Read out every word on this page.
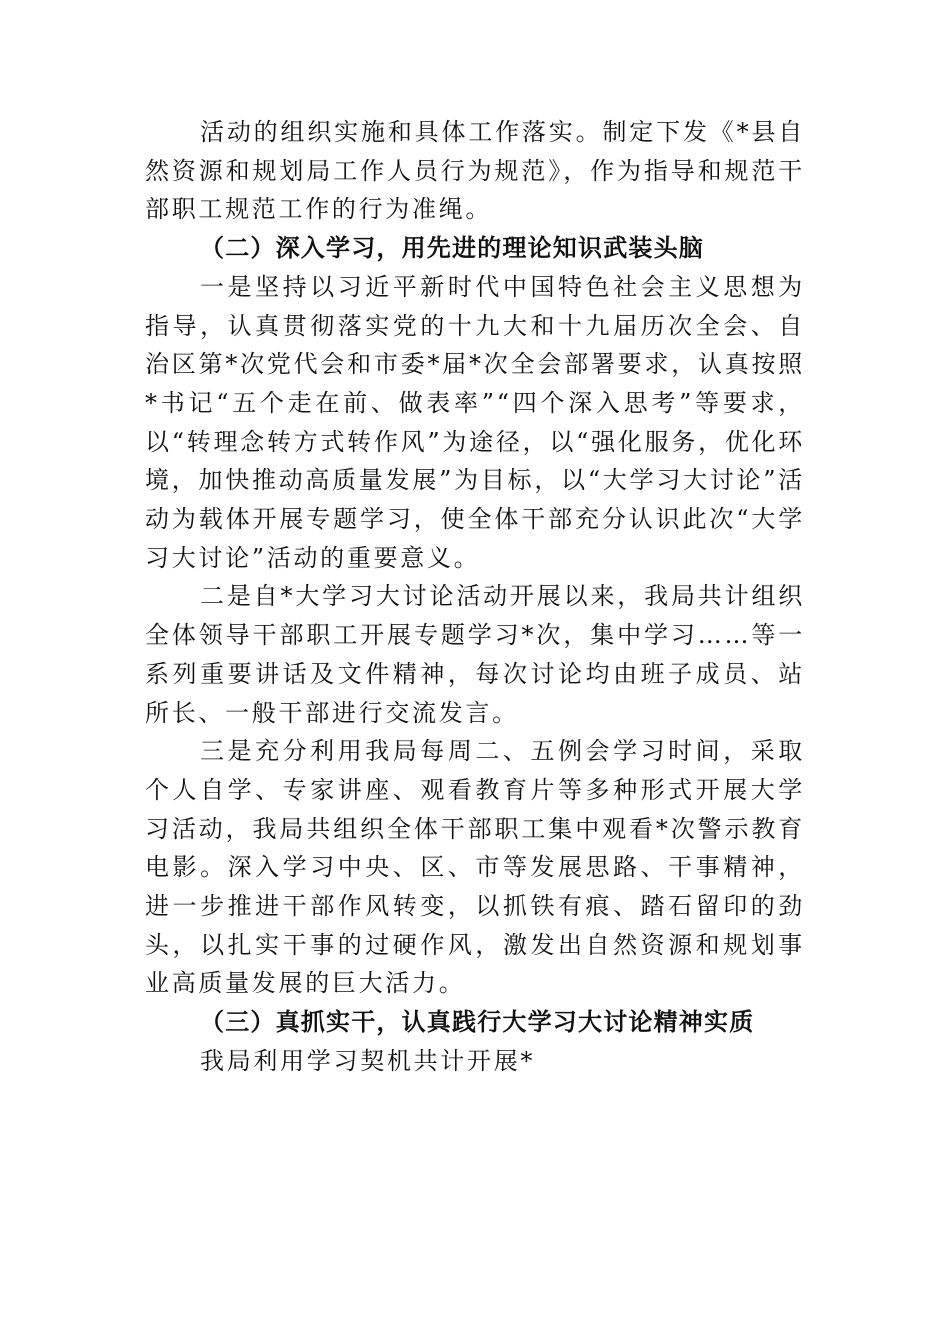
活动的组织实施和具体工作落实。制定下发《*县自然资源和规划局工作人员行为规范》，作为指导和规范干部职工规范工作的行为准绳。

（二）深入学习，用先进的理论知识武装头脑

一是坚持以习近平新时代中国特色社会主义思想为指导，认真贯彻落实党的十九大和十九届历次全会、自治区第*次党代会和市委*届*次全会部署要求，认真按照*书记“五个走在前、做表率”“四个深入思考”等要求，以“转理念转方式转作风”为途径，以“强化服务，优化环境，加快推动高质量发展”为目标，以“大学习大讨论”活动为载体开展专题学习，使全体干部充分认识此次“大学习大讨论”活动的重要意义。

二是自*大学习大讨论活动开展以来，我局共计组织全体领导干部职工开展专题学习*次，集中学习……等一系列重要讲话及文件精神，每次讨论均由班子成员、站所长、一般干部进行交流发言。

三是充分利用我局每周二、五例会学习时间，采取个人自学、专家讲座、观看教育片等多种形式开展大学习活动，我局共组织全体干部职工集中观看*次警示教育电影。深入学习中央、区、市等发展思路、干事精神，进一步推进干部作风转变，以抓铁有痕、踏石留印的劲头，以扎实干事的过硬作风，激发出自然资源和规划事业高质量发展的巨大活力。

（三）真抓实干，认真践行大学习大讨论精神实质

我局利用学习契机共计开展*
